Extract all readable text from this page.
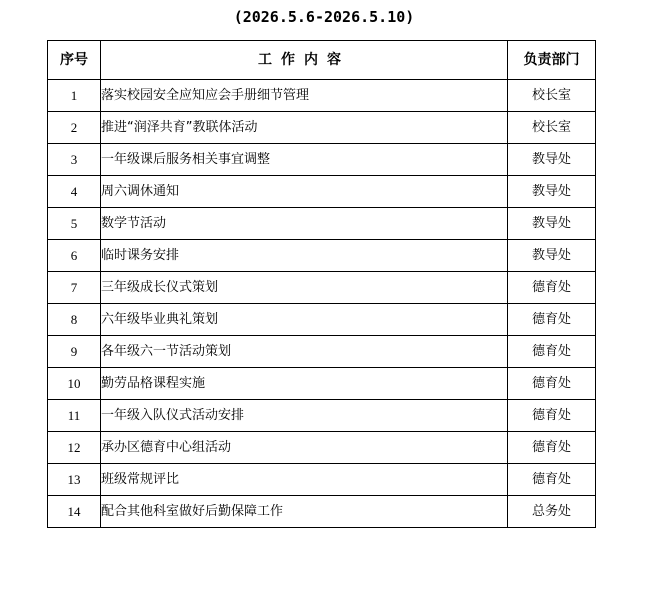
(2026.5.6-2026.5.10)
序号	工作内容	负责部门
1	落实校园安全应知应会手册细节管理	校长室
2	推进“润泽共育”教联体活动	校长室
3	一年级课后服务相关事宜调整	教导处
4	周六调休通知	教导处
5	数学节活动	教导处
6	临时课务安排	教导处
7	三年级成长仪式策划	德育处
8	六年级毕业典礼策划	德育处
9	各年级六一节活动策划	德育处
10	勤劳品格课程实施	德育处
11	一年级入队仪式活动安排	德育处
12	承办区德育中心组活动	德育处
13	班级常规评比	德育处
14	配合其他科室做好后勤保障工作	总务处
